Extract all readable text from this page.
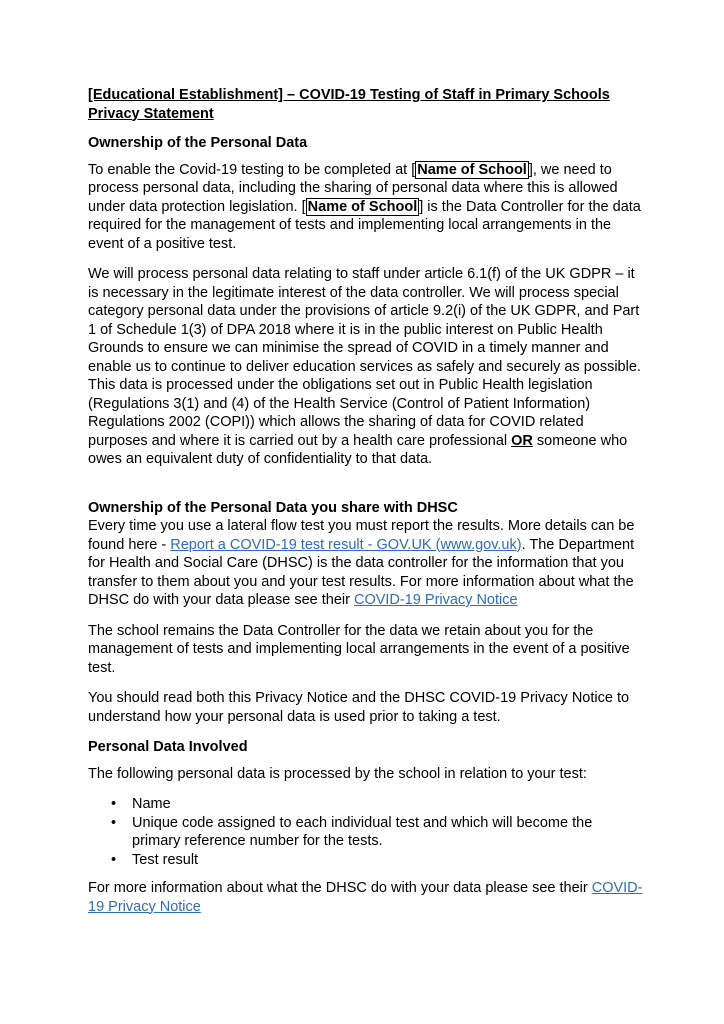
[Educational Establishment] – COVID-19 Testing of Staff in Primary Schools Privacy Statement
Ownership of the Personal Data

To enable the Covid-19 testing to be completed at [ Name of School ], we need to process personal data, including the sharing of personal data where this is allowed under data protection legislation. [ Name of School ] is the Data Controller for the data required for the management of tests and implementing local arrangements in the event of a positive test.

We will process personal data relating to staff under article 6.1(f) of the UK GDPR – it is necessary in the legitimate interest of the data controller. We will process special category personal data under the provisions of article 9.2(i) of the UK GDPR, and Part 1 of Schedule 1(3) of DPA 2018 where it is in the public interest on Public Health Grounds to ensure we can minimise the spread of COVID in a timely manner and enable us to continue to deliver education services as safely and securely as possible. This data is processed under the obligations set out in Public Health legislation (Regulations 3(1) and (4) of the Health Service (Control of Patient Information) Regulations 2002 (COPI)) which allows the sharing of data for COVID related purposes and where it is carried out by a health care professional OR someone who owes an equivalent duty of confidentiality to that data.

Ownership of the Personal Data you share with DHSC

Every time you use a lateral flow test you must report the results. More details can be found here - Report a COVID-19 test result - GOV.UK (www.gov.uk). The Department for Health and Social Care (DHSC) is the data controller for the information that you transfer to them about you and your test results. For more information about what the DHSC do with your data please see their COVID-19 Privacy Notice

The school remains the Data Controller for the data we retain about you for the management of tests and implementing local arrangements in the event of a positive test.

You should read both this Privacy Notice and the DHSC COVID-19 Privacy Notice to understand how your personal data is used prior to taking a test.

Personal Data Involved

The following personal data is processed by the school in relation to your test:

• Name
• Unique code assigned to each individual test and which will become the primary reference number for the tests.
• Test result

For more information about what the DHSC do with your data please see their COVID-19 Privacy Notice
